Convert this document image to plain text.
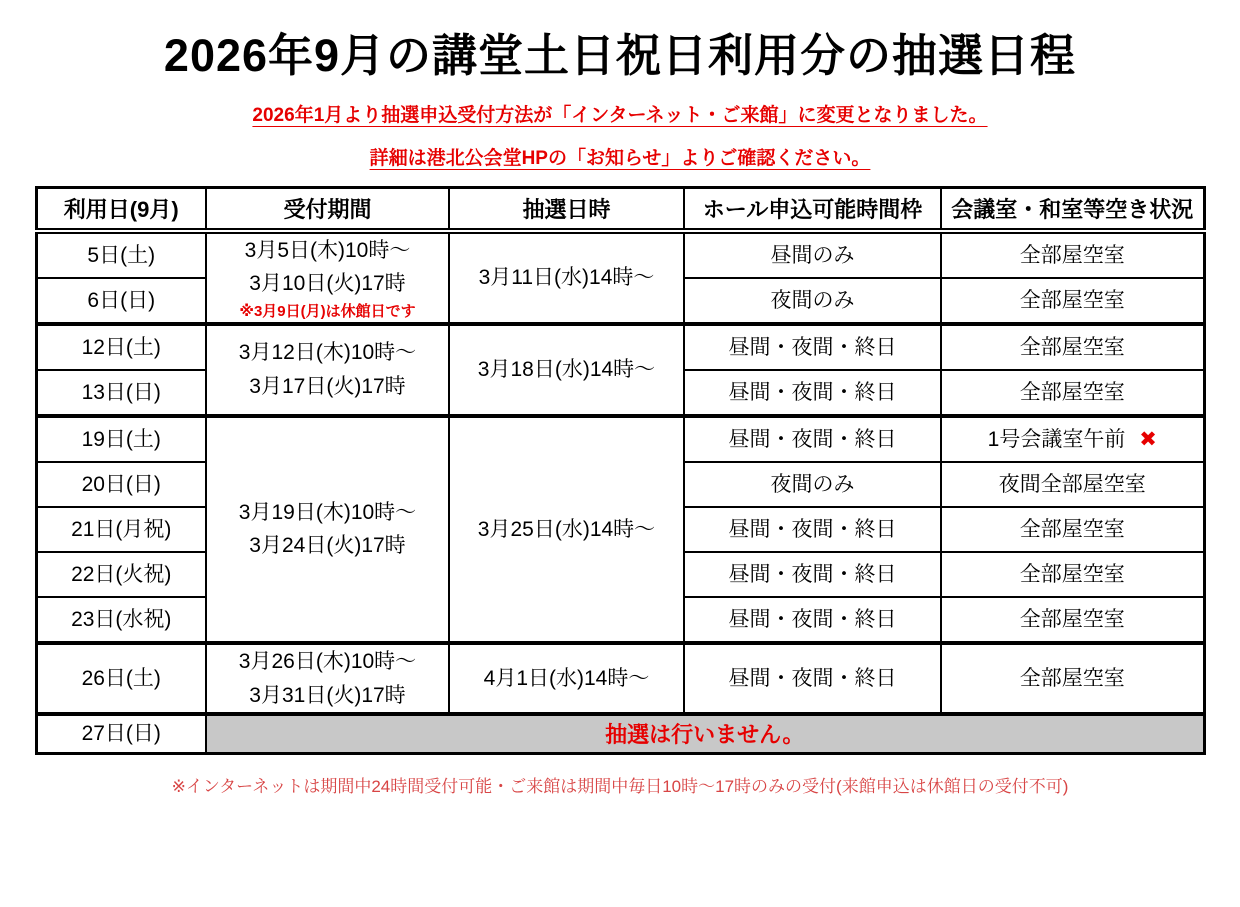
2026年9月の講堂土日祝日利用分の抽選日程

2026年1月より抽選申込受付方法が「インターネット・ご来館」に変更となりました。

詳細は港北公会堂HPの「お知らせ」よりご確認ください。

利用日(9月)	受付期間	抽選日時	ホール申込可能時間枠	会議室・和室等空き状況
5日(土)	3月5日(木)10時〜
3月10日(火)17時
※3月9日(月)は休館日です	3月11日(水)14時〜	昼間のみ	全部屋空室
6日(日)			夜間のみ	全部屋空室
12日(土)	3月12日(木)10時〜
3月17日(火)17時	3月18日(水)14時〜	昼間・夜間・終日	全部屋空室
13日(日)			昼間・夜間・終日	全部屋空室
19日(土)	3月19日(木)10時〜
3月24日(火)17時	3月25日(水)14時〜	昼間・夜間・終日	1号会議室午前 ✖
20日(日)			夜間のみ	夜間全部屋空室
21日(月祝)			昼間・夜間・終日	全部屋空室
22日(火祝)			昼間・夜間・終日	全部屋空室
23日(水祝)			昼間・夜間・終日	全部屋空室
26日(土)	3月26日(木)10時〜
3月31日(火)17時	4月1日(水)14時〜	昼間・夜間・終日	全部屋空室
27日(日)	抽選は行いません。			

※インターネットは期間中24時間受付可能・ご来館は期間中毎日10時〜17時のみの受付(来館申込は休館日の受付不可)
